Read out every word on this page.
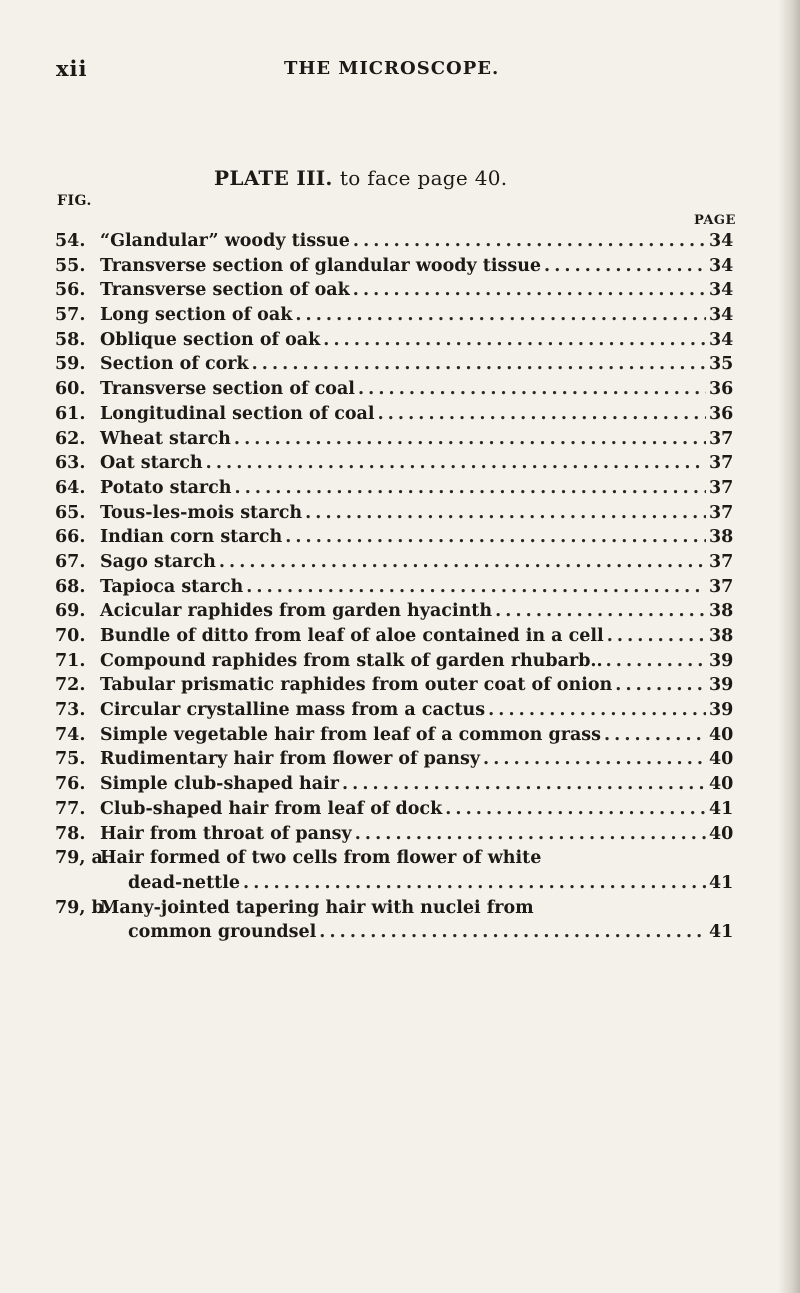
xii	THE MICROSCOPE.
PLATE III. to face page 40.
FIG.
PAGE
54. “Glandular” woody tissue . . .	34
55. Transverse section of glandular woody tissue . . .	34
56. Transverse section of oak . . .	34
57. Long section of oak . . .	34
58. Oblique section of oak . . .	34
59. Section of cork . . .	35
60. Transverse section of coal . . .	36
61. Longitudinal section of coal . . .	36
62. Wheat starch . . .	37
63. Oat starch . . .	37
64. Potato starch . . .	37
65. Tous-les-mois starch . . .	37
66. Indian corn starch . . .	38
67. Sago starch . . .	37
68. Tapioca starch . . .	37
69. Acicular raphides from garden hyacinth . . .	38
70. Bundle of ditto from leaf of aloe contained in a cell . . .	38
71. Compound raphides from stalk of garden rhubarb.. . . .	39
72. Tabular prismatic raphides from outer coat of onion . . .	39
73. Circular crystalline mass from a cactus . . .	39
74. Simple vegetable hair from leaf of a common grass . . .	40
75. Rudimentary hair from flower of pansy . . .	40
76. Simple club-shaped hair . . .	40
77. Club-shaped hair from leaf of dock . . .	41
78. Hair from throat of pansy . . .	40
79, a.
Hair formed of two cells from flower of white
dead-nettle . . .	41
79, b.
Many-jointed tapering hair with nuclei from
common groundsel . . .	41
